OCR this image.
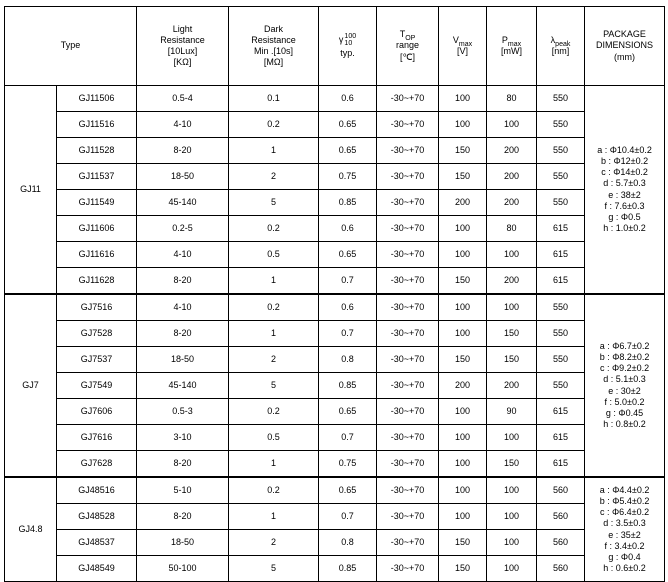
Type		Light
Resistance
[10Lux]
[KΩ]	Dark
Resistance
Min .[10s]
[MΩ]	γ 100
10
typ.	$T_{OP}$
range
[℃]	$V_{max}$
[V]	$P_{max}$
[mW]	$\lambda_{peak}$
[nm]	PACKAGE
DIMENSIONS
(mm)

GJ11	GJ11506	0.5-4	0.1	0.6	-30~+70	100	80	550	
a : Φ10.4±0.2
b : Φ12±0.2
c : Φ14±0.2
d : 5.7±0.3
e : 38±2
f : 7.6±0.3
g : Φ0.5
h : 1.0±0.2

	GJ11516	4-10	0.2	0.65	-30~+70	100	100	550	
	GJ11528	8-20	1	0.65	-30~+70	150	200	550	
	GJ11537	18-50	2	0.75	-30~+70	150	200	550	
	GJ11549	45-140	5	0.85	-30~+70	200	200	550	
	GJ11606	0.2-5	0.2	0.6	-30~+70	100	80	615	
	GJ11616	4-10	0.5	0.65	-30~+70	100	100	615	
	GJ11628	8-20	1	0.7	-30~+70	150	200	615	
GJ7	GJ7516	4-10	0.2	0.6	-30~+70	100	100	550	
a : Φ6.7±0.2
b : Φ8.2±0.2
c : Φ9.2±0.2
d : 5.1±0.3
e : 30±2
f : 5.0±0.2
g : Φ0.45
h : 0.8±0.2

	GJ7528	8-20	1	0.7	-30~+70	100	150	550	
	GJ7537	18-50	2	0.8	-30~+70	150	150	550	
	GJ7549	45-140	5	0.85	-30~+70	200	200	550	
	GJ7606	0.5-3	0.2	0.65	-30~+70	100	90	615	
	GJ7616	3-10	0.5	0.7	-30~+70	100	100	615	
	GJ7628	8-20	1	0.75	-30~+70	100	150	615	
GJ4.8	GJ48516	5-10	0.2	0.65	-30~+70	100	100	560	a : Φ4.4±0.2
b : Φ5.4±0.2
c : Φ6.4±0.2
d : 3.5±0.3
e : 35±2
f : 3.4±0.2
g : Φ0.4
h : 0.6±0.2

	GJ48528	8-20	1	0.7	-30~+70	100	100	560	
	GJ48537	18-50	2	0.8	-30~+70	150	100	560	
	GJ48549	50-100	5	0.85	-30~+70	150	100	560	
